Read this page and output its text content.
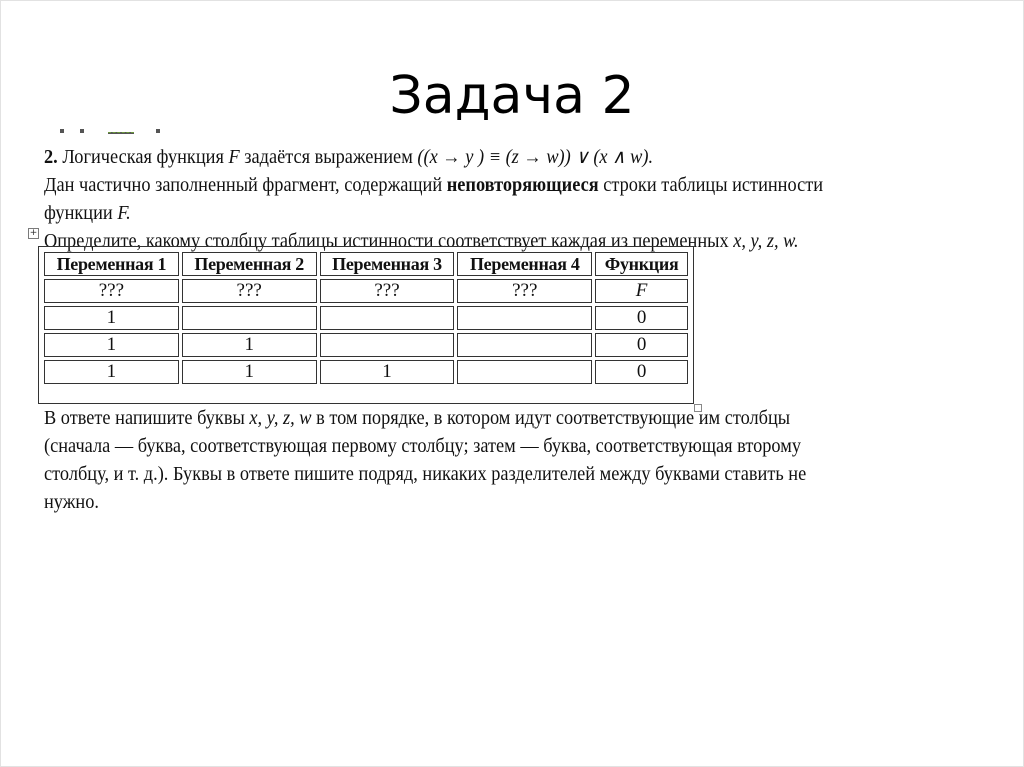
Задача 2

2. Логическая функция F задаётся выражением ((x → y ) ≡ (z → w)) ∨ (x ∧ w).

Дан частично заполненный фрагмент, содержащий неповторяющиеся строки таблицы истинности

функции F.

Определите, какому столбцу таблицы истинности соответствует каждая из переменных x, y, z, w.

+
Переменная 1	Переменная 2	Переменная 3	Переменная 4	Функция
???	???	???	???	F
1				0
1	1			0
1	1	1		0

В ответе напишите буквы x, y, z, w в том порядке, в котором идут соответствующие им столбцы

(сначала — буква, соответствующая первому столбцу; затем — буква, соответствующая второму

столбцу, и т. д.). Буквы в ответе пишите подряд, никаких разделителей между буквами ставить не

нужно.
